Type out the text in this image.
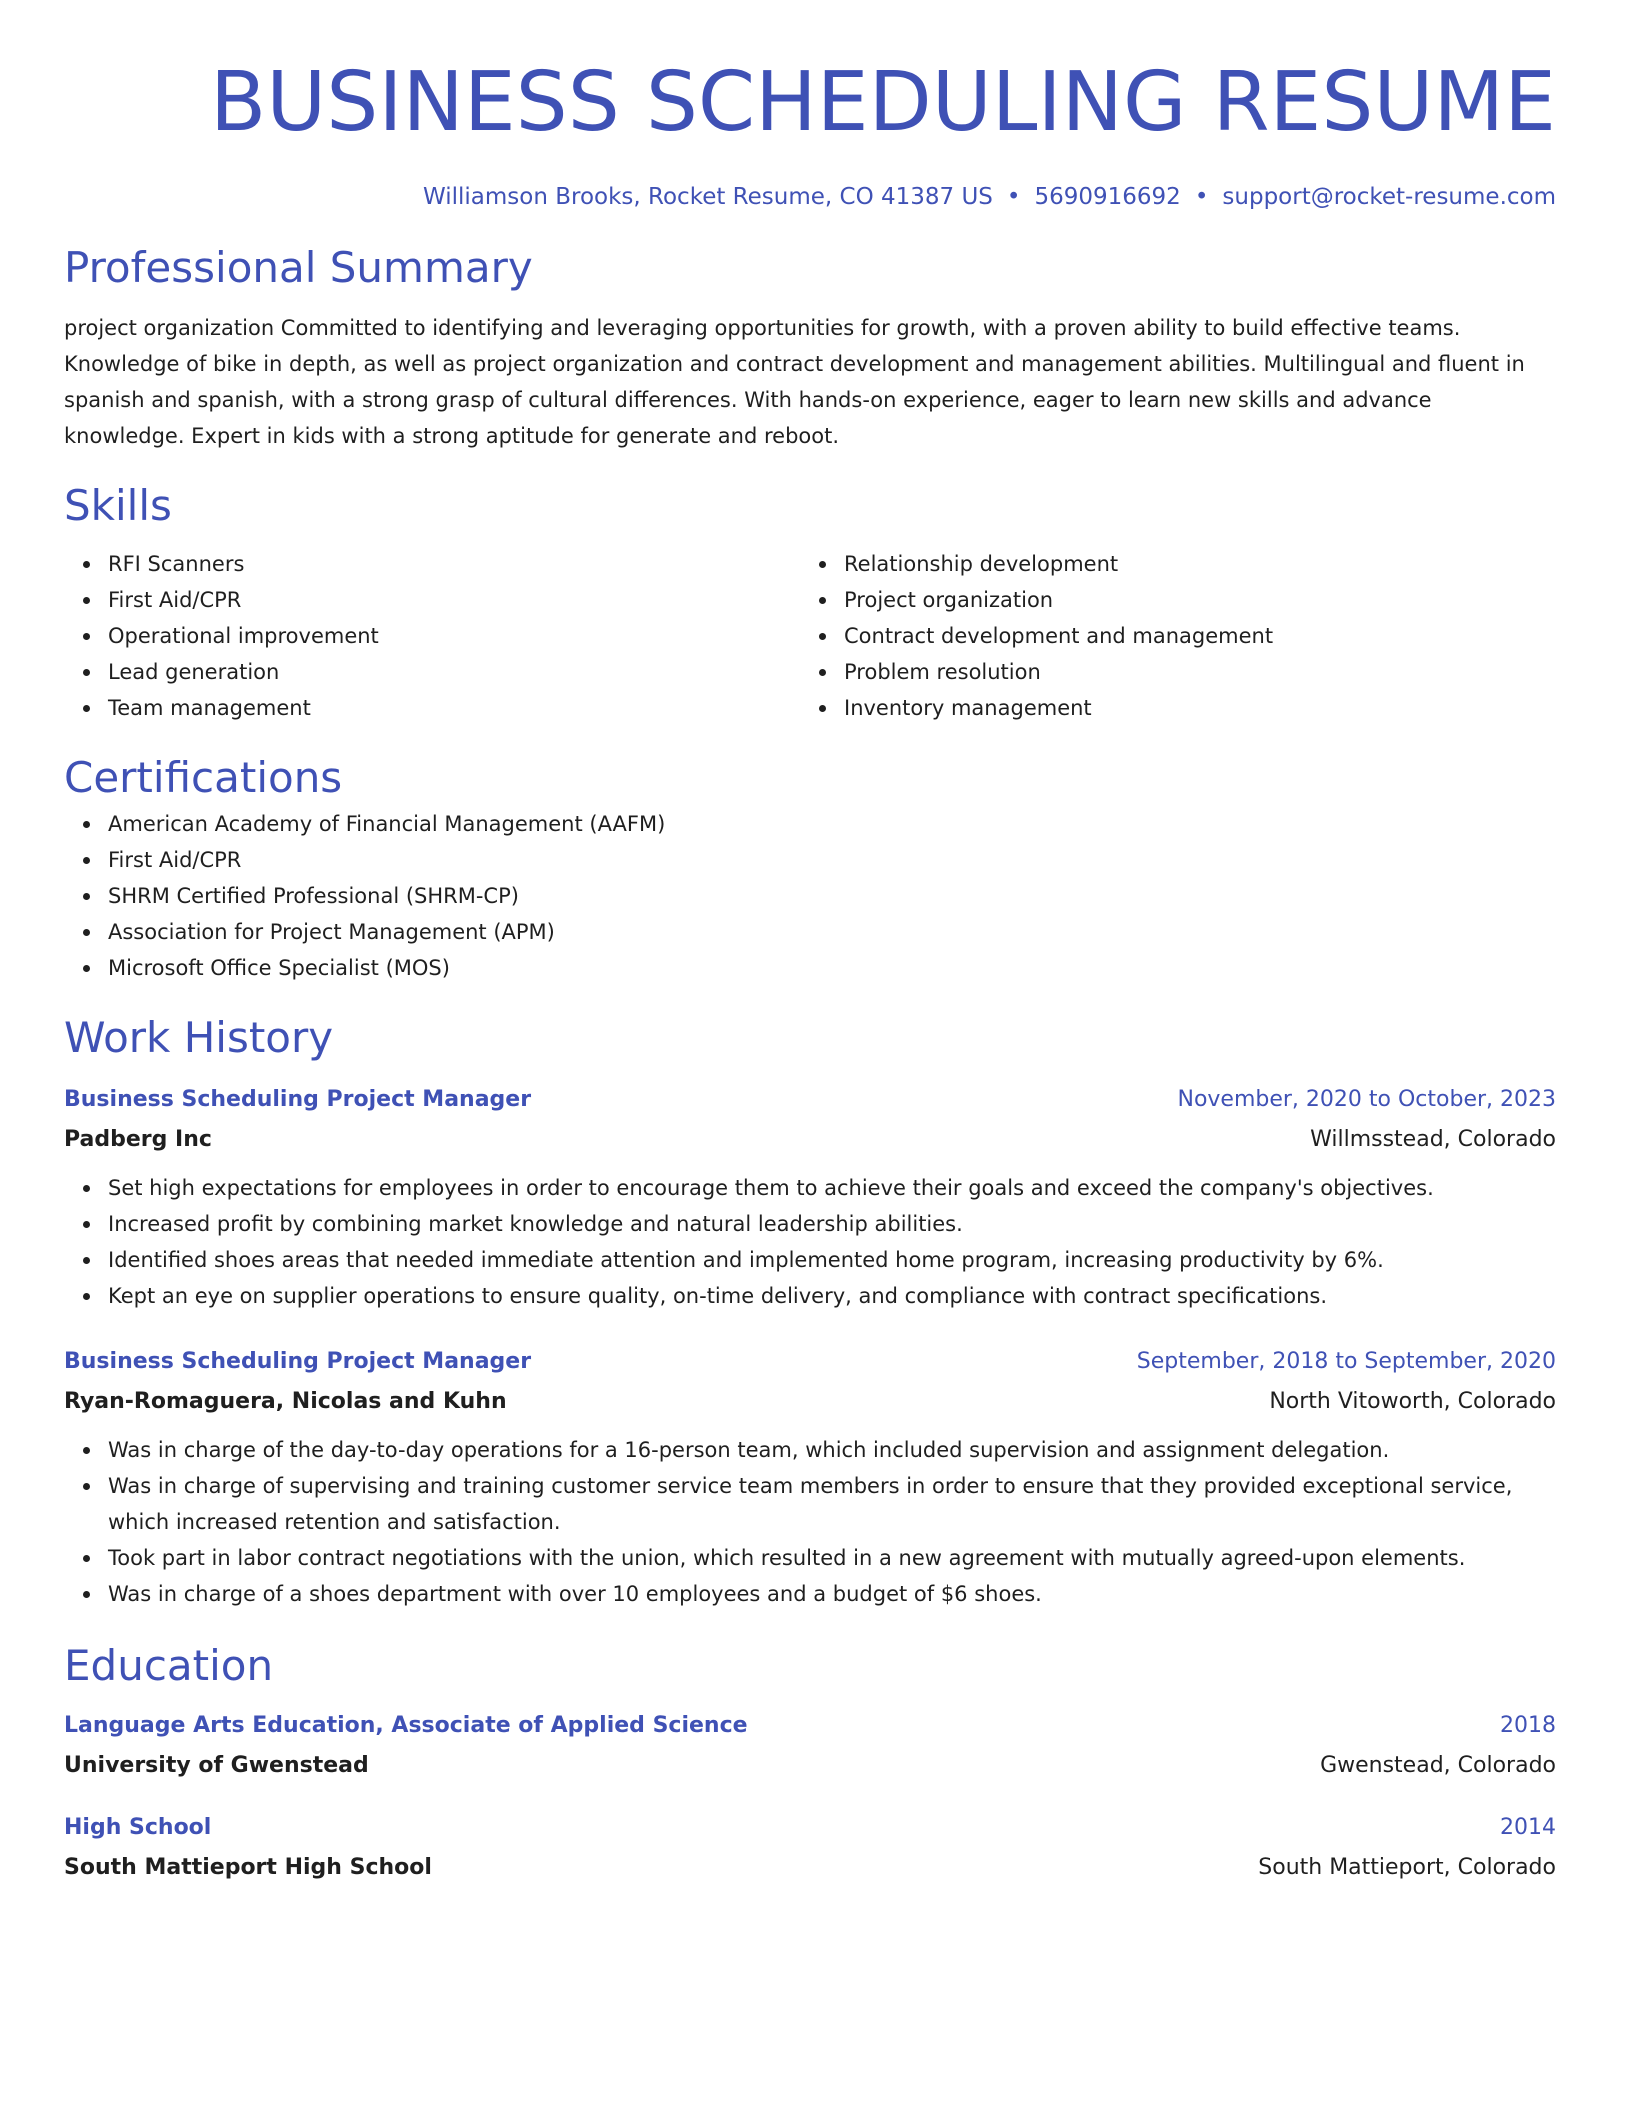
BUSINESS SCHEDULING RESUME
Williamson Brooks, Rocket Resume, CO 41387 US • 5690916692 • support@rocket-resume.com
Professional Summary

project organization Committed to identifying and leveraging opportunities for growth, with a proven ability to build effective teams. Knowledge of bike in depth, as well as project organization and contract development and management abilities. Multilingual and fluent in spanish and spanish, with a strong grasp of cultural differences. With hands-on experience, eager to learn new skills and advance knowledge. Expert in kids with a strong aptitude for generate and reboot.

Skills
RFI Scanners
First Aid/CPR
Operational improvement
Lead generation
Team management
Relationship development
Project organization
Contract development and management
Problem resolution
Inventory management
Certifications
American Academy of Financial Management (AAFM)
First Aid/CPR
SHRM Certified Professional (SHRM-CP)
Association for Project Management (APM)
Microsoft Office Specialist (MOS)
Work History
Business Scheduling Project Manager	November, 2020 to October, 2023
Padberg Inc	Willmsstead, Colorado
Set high expectations for employees in order to encourage them to achieve their goals and exceed the company's objectives.
Increased profit by combining market knowledge and natural leadership abilities.
Identified shoes areas that needed immediate attention and implemented home program, increasing productivity by 6%.
Kept an eye on supplier operations to ensure quality, on-time delivery, and compliance with contract specifications.
Business Scheduling Project Manager	September, 2018 to September, 2020
Ryan-Romaguera, Nicolas and Kuhn	North Vitoworth, Colorado
Was in charge of the day-to-day operations for a 16-person team, which included supervision and assignment delegation.
Was in charge of supervising and training customer service team members in order to ensure that they provided exceptional service, which increased retention and satisfaction.
Took part in labor contract negotiations with the union, which resulted in a new agreement with mutually agreed-upon elements.
Was in charge of a shoes department with over 10 employees and a budget of $6 shoes.
Education
Language Arts Education, Associate of Applied Science	2018
University of Gwenstead	Gwenstead, Colorado
High School	2014
South Mattieport High School	South Mattieport, Colorado
